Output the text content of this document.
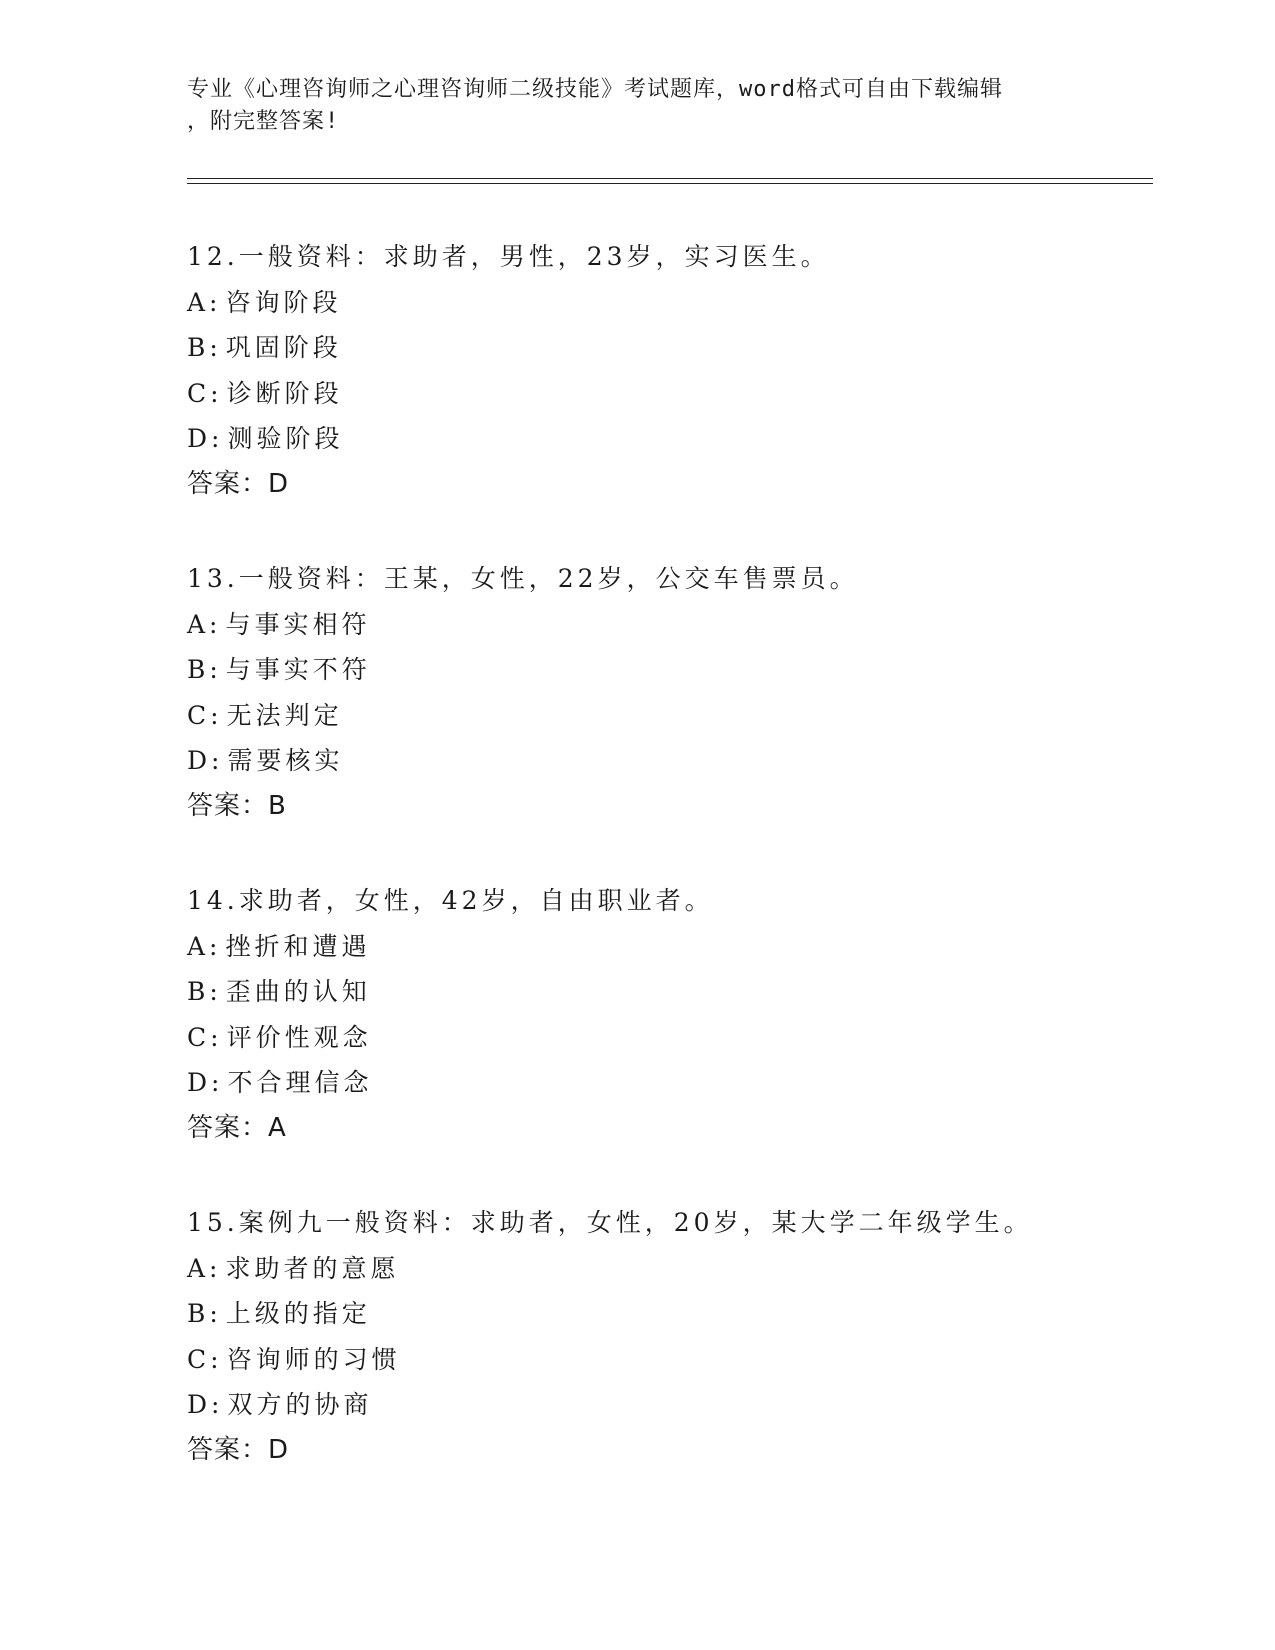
专业《心理咨询师之心理咨询师二级技能》考试题库，word格式可自由下载编辑
，附完整答案!
12.一般资料：求助者，男性，23岁，实习医生。
A: 咨询阶段
B: 巩固阶段
C: 诊断阶段
D: 测验阶段
答案：D
13.一般资料：王某，女性，22岁，公交车售票员。
A: 与事实相符
B: 与事实不符
C: 无法判定
D: 需要核实
答案：B
14.求助者，女性，42岁，自由职业者。
A: 挫折和遭遇
B: 歪曲的认知
C: 评价性观念
D: 不合理信念
答案：A
15.案例九一般资料：求助者，女性，20岁，某大学二年级学生。
A: 求助者的意愿
B: 上级的指定
C: 咨询师的习惯
D: 双方的协商
答案：D
